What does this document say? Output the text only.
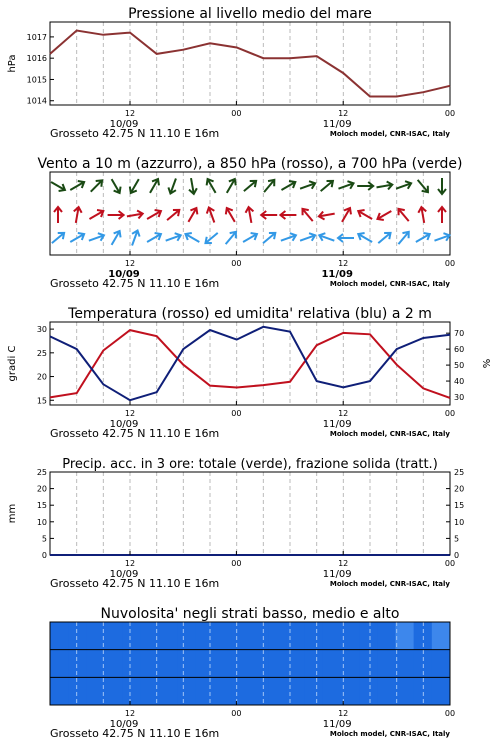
Pressione al livello medio del mare
hPa
1014
1015
1016
1017
12	00	12	00
10/09	11/09
Grosseto 42.75 N 11.10 E 16m	Moloch model, CNR-ISAC, Italy
Vento a 10 m (azzurro), a 850 hPa (rosso), a 700 hPa (verde)
12	00	12	00
10/09	11/09
Grosseto 42.75 N 11.10 E 16m	Moloch model, CNR-ISAC, Italy
Temperatura (rosso) ed umidita' relativa (blu) a 2 m
gradi C	%
15
20
25
30
30
40
50
60
70
12	00	12	00
10/09	11/09
Grosseto 42.75 N 11.10 E 16m	Moloch model, CNR-ISAC, Italy
Precip. acc. in 3 ore: totale (verde), frazione solida (tratt.)
mm
0
5
10
15
20
25
0
5
10
15
20
25
12	00	12	00
10/09	11/09
Grosseto 42.75 N 11.10 E 16m	Moloch model, CNR-ISAC, Italy
Nuvolosita' negli strati basso, medio e alto
12	00	12	00
10/09	11/09
Grosseto 42.75 N 11.10 E 16m	Moloch model, CNR-ISAC, Italy
